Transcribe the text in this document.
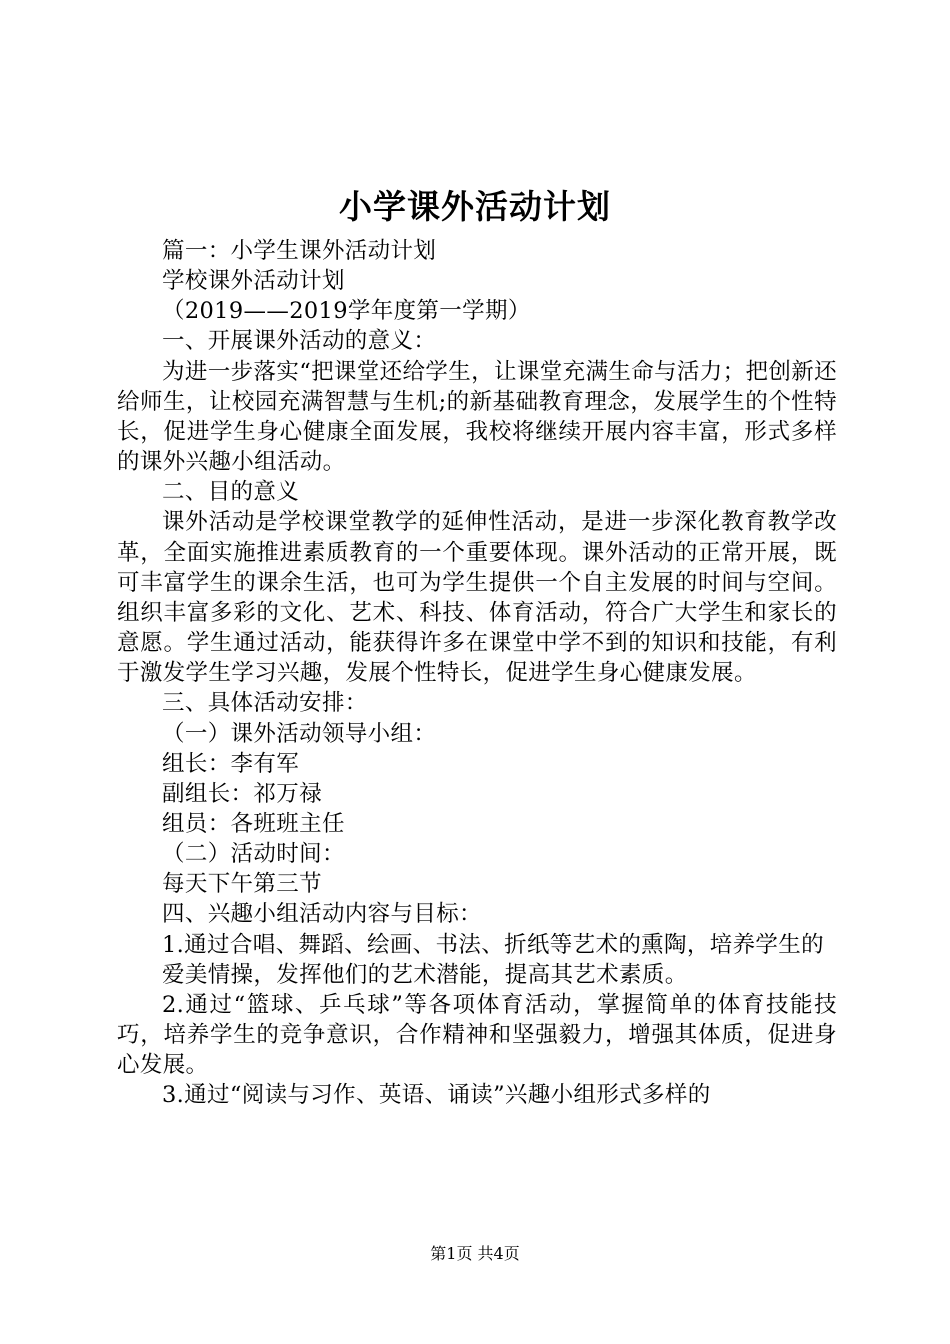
小学课外活动计划

篇一：小学生课外活动计划

学校课外活动计划

（2019——2019学年度第一学期）

一、开展课外活动的意义：

为进一步落实“把课堂还给学生，让课堂充满生命与活力；把创新还给师生，让校园充满智慧与生机;的新基础教育理念，发展学生的个性特长，促进学生身心健康全面发展，我校将继续开展内容丰富，形式多样的课外兴趣小组活动。

二、目的意义

课外活动是学校课堂教学的延伸性活动，是进一步深化教育教学改革，全面实施推进素质教育的一个重要体现。课外活动的正常开展，既可丰富学生的课余生活，也可为学生提供一个自主发展的时间与空间。组织丰富多彩的文化、艺术、科技、体育活动，符合广大学生和家长的意愿。学生通过活动，能获得许多在课堂中学不到的知识和技能，有利于激发学生学习兴趣，发展个性特长，促进学生身心健康发展。

三、具体活动安排：

（一）课外活动领导小组：

组长：李有军

副组长：祁万禄

组员：各班班主任

（二）活动时间：

每天下午第三节

四、兴趣小组活动内容与目标：

1.通过合唱、舞蹈、绘画、书法、折纸等艺术的熏陶，培养学生的

爱美情操，发挥他们的艺术潜能，提高其艺术素质。

2.通过“篮球、乒乓球”等各项体育活动，掌握简单的体育技能技巧，培养学生的竞争意识，合作精神和坚强毅力，增强其体质，促进身心发展。

3.通过“阅读与习作、英语、诵读”兴趣小组形式多样的

第1页 共4页
